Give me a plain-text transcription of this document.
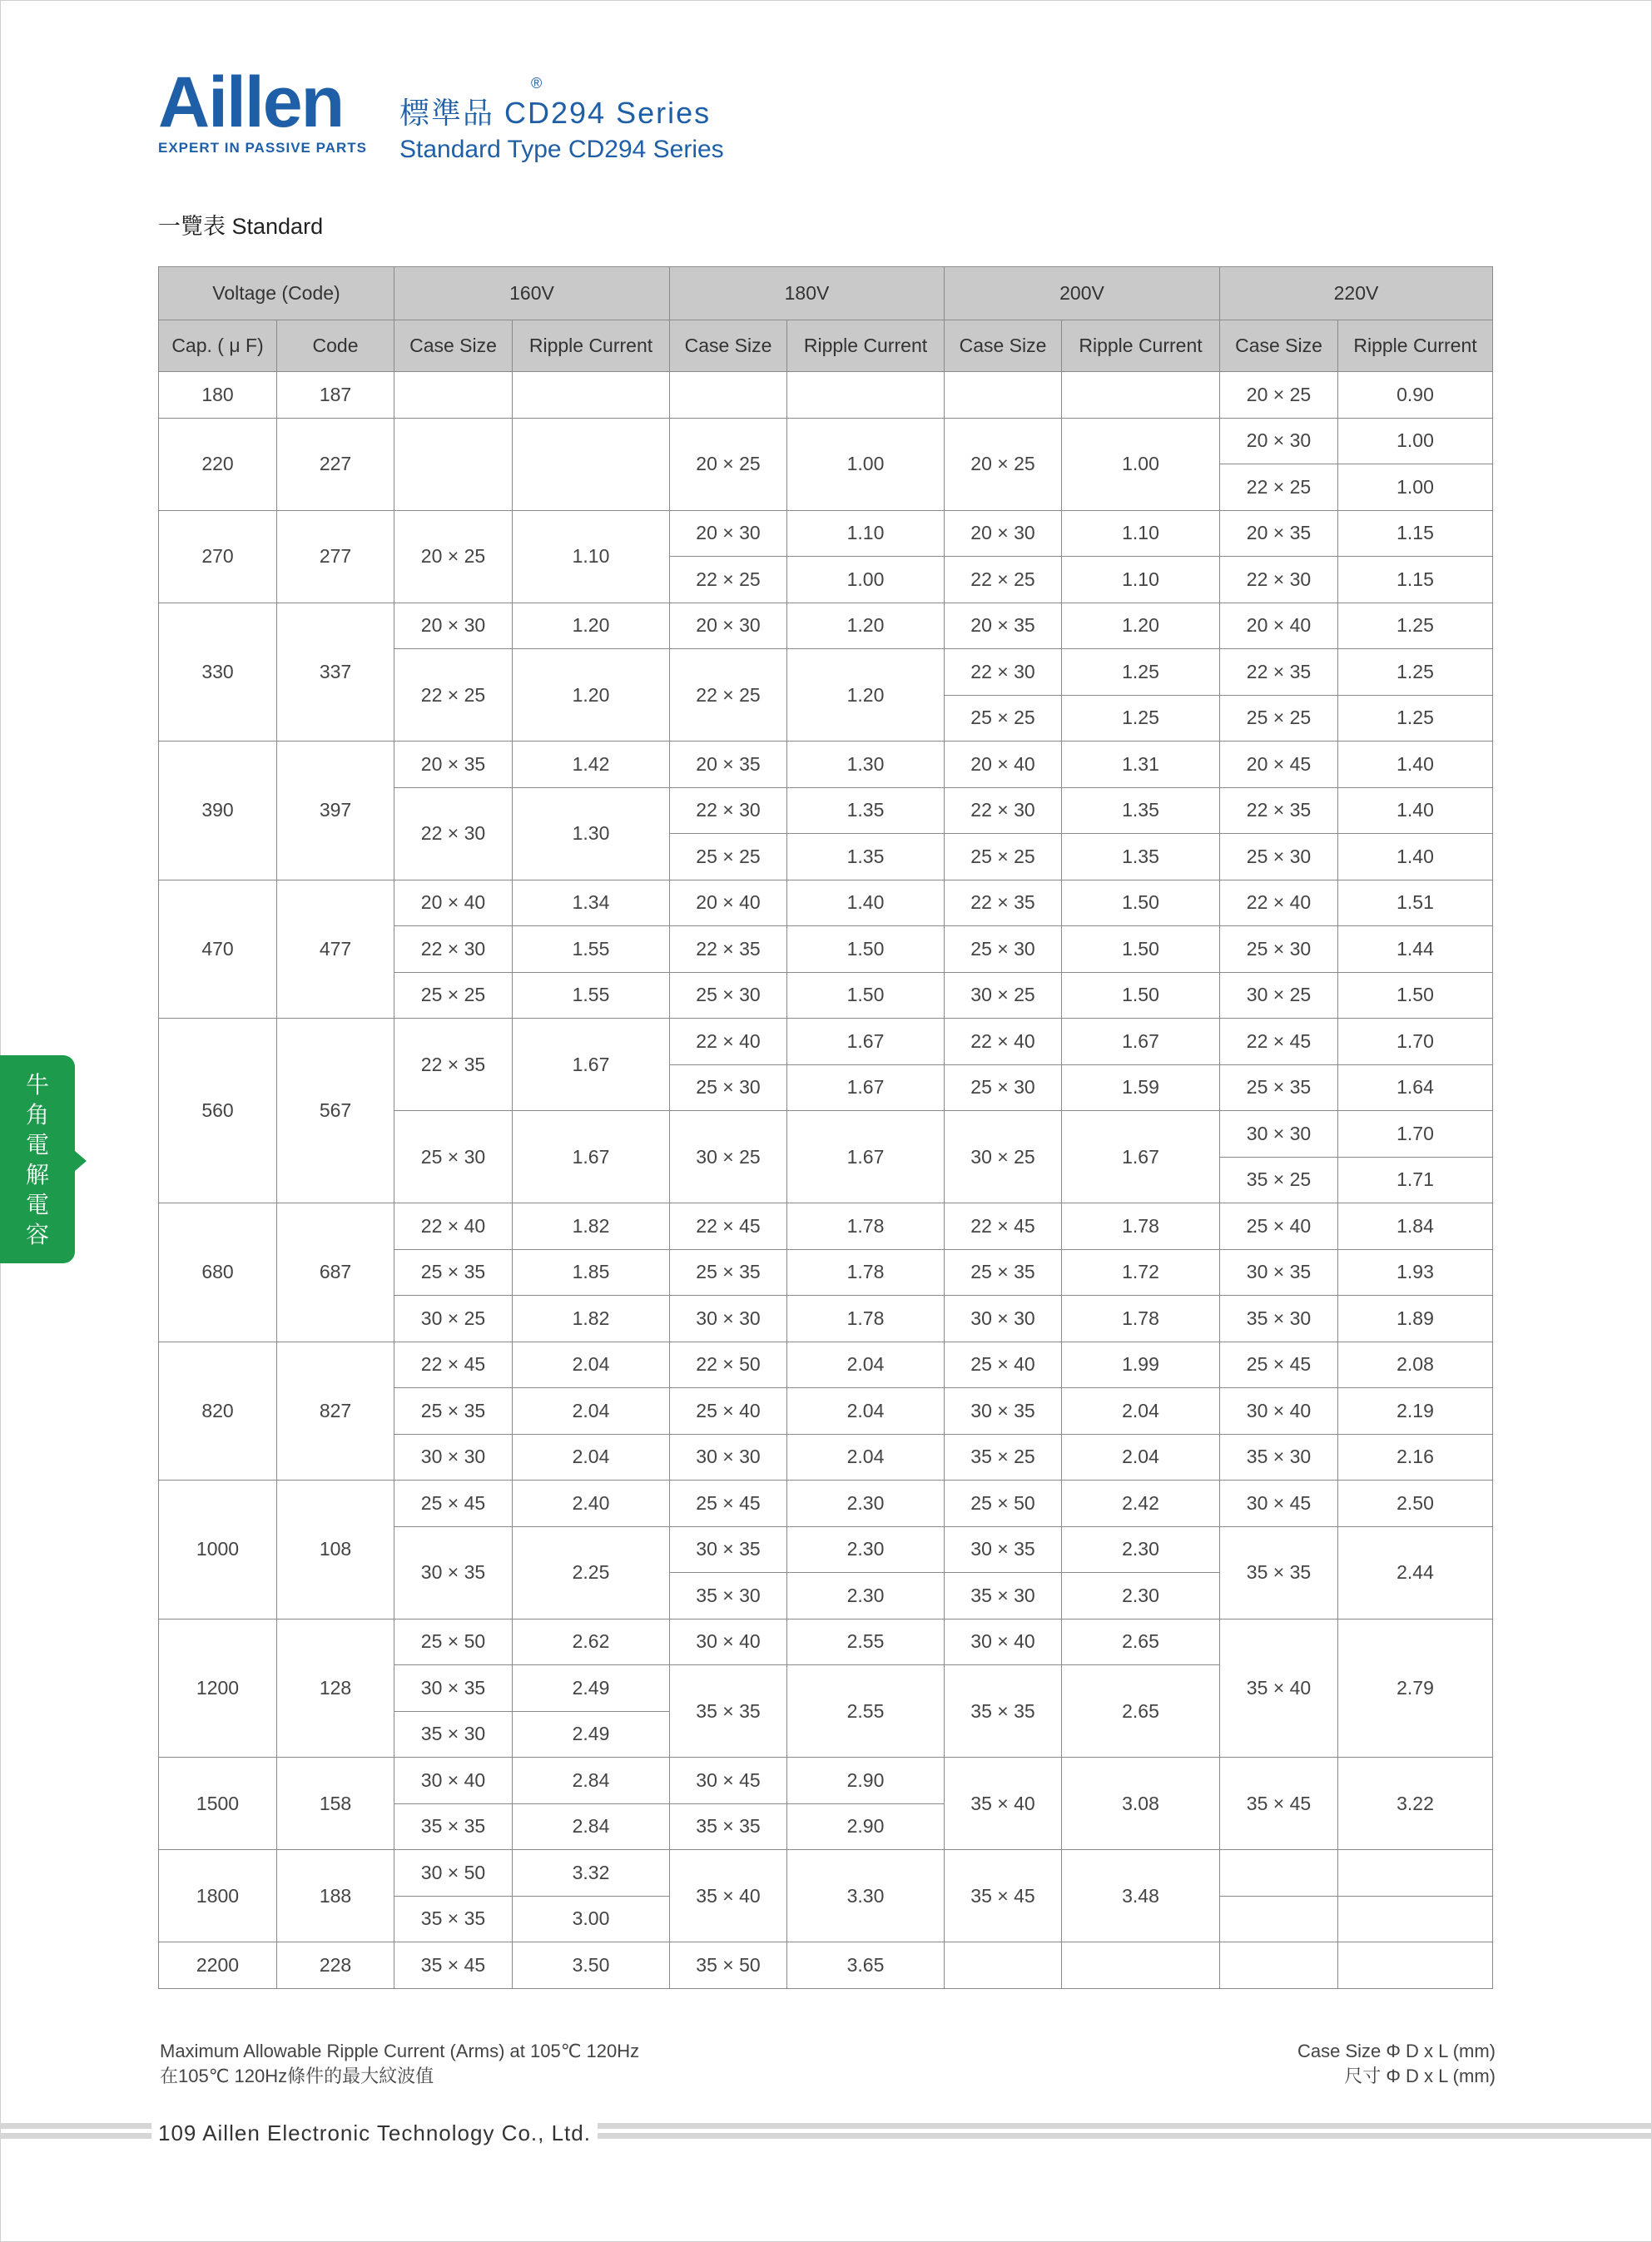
Aillen	®
EXPERT IN PASSIVE PARTS
標準品 CD294 Series
Standard Type CD294 Series
一覽表 Standard
Voltage (Code)		160V		180V		200V		220V	
Cap. ( μ F)	Code	Case Size	Ripple Current	Case Size	Ripple Current	Case Size	Ripple Current	Case Size	Ripple Current
180	187							20 × 25	0.90
220	227			20 × 25	1.00	20 × 25	1.00	20 × 30	1.00
								22 × 25	1.00
270	277	20 × 25	1.10	20 × 30	1.10	20 × 30	1.10	20 × 35	1.15
				22 × 25	1.00	22 × 25	1.10	22 × 30	1.15
330	337	20 × 30	1.20	20 × 30	1.20	20 × 35	1.20	20 × 40	1.25
		22 × 25	1.20	22 × 25	1.20	22 × 30	1.25	22 × 35	1.25
						25 × 25	1.25	25 × 25	1.25
390	397	20 × 35	1.42	20 × 35	1.30	20 × 40	1.31	20 × 45	1.40
		22 × 30	1.30	22 × 30	1.35	22 × 30	1.35	22 × 35	1.40
				25 × 25	1.35	25 × 25	1.35	25 × 30	1.40
470	477	20 × 40	1.34	20 × 40	1.40	22 × 35	1.50	22 × 40	1.51
		22 × 30	1.55	22 × 35	1.50	25 × 30	1.50	25 × 30	1.44
		25 × 25	1.55	25 × 30	1.50	30 × 25	1.50	30 × 25	1.50
560	567	22 × 35	1.67	22 × 40	1.67	22 × 40	1.67	22 × 45	1.70
				25 × 30	1.67	25 × 30	1.59	25 × 35	1.64
		25 × 30	1.67	30 × 25	1.67	30 × 25	1.67	30 × 30	1.70
								35 × 25	1.71
680	687	22 × 40	1.82	22 × 45	1.78	22 × 45	1.78	25 × 40	1.84
		25 × 35	1.85	25 × 35	1.78	25 × 35	1.72	30 × 35	1.93
		30 × 25	1.82	30 × 30	1.78	30 × 30	1.78	35 × 30	1.89
820	827	22 × 45	2.04	22 × 50	2.04	25 × 40	1.99	25 × 45	2.08
		25 × 35	2.04	25 × 40	2.04	30 × 35	2.04	30 × 40	2.19
		30 × 30	2.04	30 × 30	2.04	35 × 25	2.04	35 × 30	2.16
1000	108	25 × 45	2.40	25 × 45	2.30	25 × 50	2.42	30 × 45	2.50
		30 × 35	2.25	30 × 35	2.30	30 × 35	2.30	35 × 35	2.44
				35 × 30	2.30	35 × 30	2.30		
1200	128	25 × 50	2.62	30 × 40	2.55	30 × 40	2.65	35 × 40	2.79
		30 × 35	2.49	35 × 35	2.55	35 × 35	2.65		
		35 × 30	2.49						
1500	158	30 × 40	2.84	30 × 45	2.90	35 × 40	3.08	35 × 45	3.22
		35 × 35	2.84	35 × 35	2.90				
1800	188	30 × 50	3.32	35 × 40	3.30	35 × 45	3.48		
		35 × 35	3.00						
2200	228	35 × 45	3.50	35 × 50	3.65				
Maximum Allowable Ripple Current (Arms) at 105℃ 120Hz
在105℃ 120Hz條件的最大紋波值
Case Size Φ D x L (mm)
尺寸 Φ D x L (mm)
牛
角
電
解
電
容
109 Aillen Electronic Technology Co., Ltd.
